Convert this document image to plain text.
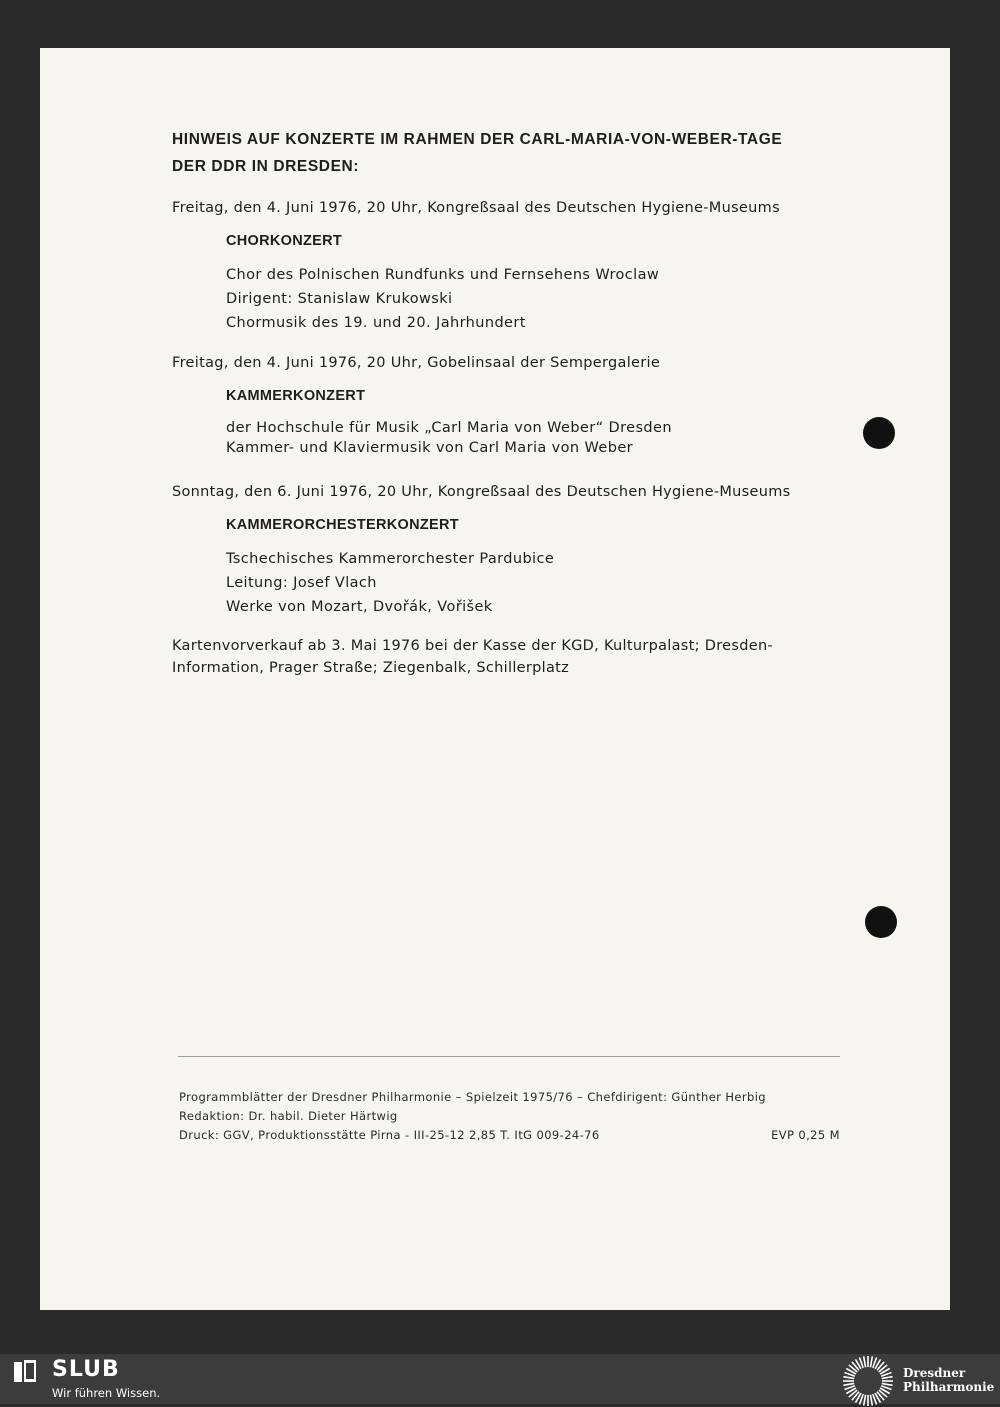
HINWEIS AUF KONZERTE IM RAHMEN DER CARL-MARIA-VON-WEBER-TAGE
DER DDR IN DRESDEN:

Freitag, den 4. Juni 1976, 20 Uhr, Kongreßsaal des Deutschen Hygiene-Museums

CHORKONZERT

Chor des Polnischen Rundfunks und Fernsehens Wroclaw
Dirigent: Stanislaw Krukowski
Chormusik des 19. und 20. Jahrhundert

Freitag, den 4. Juni 1976, 20 Uhr, Gobelinsaal der Sempergalerie

KAMMERKONZERT

der Hochschule für Musik „Carl Maria von Weber“ Dresden
Kammer- und Klaviermusik von Carl Maria von Weber

Sonntag, den 6. Juni 1976, 20 Uhr, Kongreßsaal des Deutschen Hygiene-Museums

KAMMERORCHESTERKONZERT

Tschechisches Kammerorchester Pardubice
Leitung: Josef Vlach
Werke von Mozart, Dvořák, Vořišek

Kartenvorverkauf ab 3. Mai 1976 bei der Kasse der KGD, Kulturpalast; Dresden-
Information, Prager Straße; Ziegenbalk, Schillerplatz

Programmblätter der Dresdner Philharmonie – Spielzeit 1975/76 – Chefdirigent: Günther Herbig
Redaktion: Dr. habil. Dieter Härtwig
Druck: GGV, Produktionsstätte Pirna - III-25-12 2,85 T. ItG 009-24-76	EVP 0,25 M
SLUB
Wir führen Wissen.
Dresdner
Philharmonie
